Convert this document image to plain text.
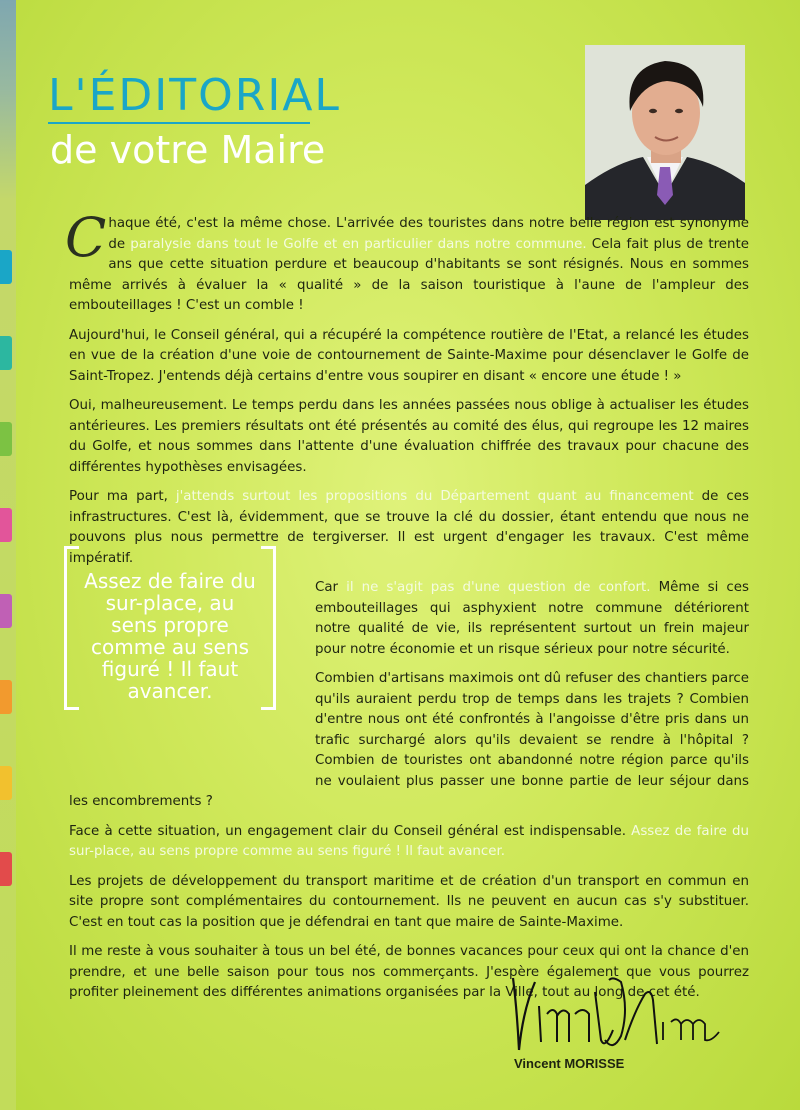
L'ÉDITORIAL
de votre Maire

Chaque été, c'est la même chose. L'arrivée des touristes dans notre belle région est synonyme de paralysie dans tout le Golfe et en particulier dans notre commune. Cela fait plus de trente ans que cette situation perdure et beaucoup d'habitants se sont résignés. Nous en sommes même arrivés à évaluer la « qualité » de la saison touristique à l'aune de l'ampleur des embouteillages ! C'est un comble !

Aujourd'hui, le Conseil général, qui a récupéré la compétence routière de l'Etat, a relancé les études en vue de la création d'une voie de contournement de Sainte-Maxime pour désenclaver le Golfe de Saint-Tropez. J'entends déjà certains d'entre vous soupirer en disant « encore une étude ! »

Oui, malheureusement. Le temps perdu dans les années passées nous oblige à actualiser les études antérieures. Les premiers résultats ont été présentés au comité des élus, qui regroupe les 12 maires du Golfe, et nous sommes dans l'attente d'une évaluation chiffrée des travaux pour chacune des différentes hypothèses envisagées.

Pour ma part, j'attends surtout les propositions du Département quant au financement de ces infrastructures. C'est là, évidemment, que se trouve la clé du dossier, étant entendu que nous ne pouvons plus nous permettre de tergiverser. Il est urgent d'engager les travaux. C'est même impératif.

Car il ne s'agit pas d'une question de confort. Même si ces embouteillages qui asphyxient notre commune détériorent notre qualité de vie, ils représentent surtout un frein majeur pour notre économie et un risque sérieux pour notre sécurité.

Combien d'artisans maximois ont dû refuser des chantiers parce qu'ils auraient perdu trop de temps dans les trajets ? Combien d'entre nous ont été confrontés à l'angoisse d'être pris dans un trafic surchargé alors qu'ils devaient se rendre à l'hôpital ? Combien de touristes ont abandonné notre région parce qu'ils ne voulaient plus passer une bonne partie de leur séjour dans les encombrements ?

Face à cette situation, un engagement clair du Conseil général est indispensable. Assez de faire du sur-place, au sens propre comme au sens figuré ! Il faut avancer.

Les projets de développement du transport maritime et de création d'un transport en commun en site propre sont complémentaires du contournement. Ils ne peuvent en aucun cas s'y substituer. C'est en tout cas la position que je défendrai en tant que maire de Sainte-Maxime.

Il me reste à vous souhaiter à tous un bel été, de bonnes vacances pour ceux qui ont la chance d'en prendre, et une belle saison pour tous nos commerçants. J'espère également que vous pourrez profiter pleinement des différentes animations organisées par la Ville, tout au long de cet été.

Assez de faire du sur-place, au sens propre comme au sens figuré ! Il faut avancer.
Vincent MORISSE
